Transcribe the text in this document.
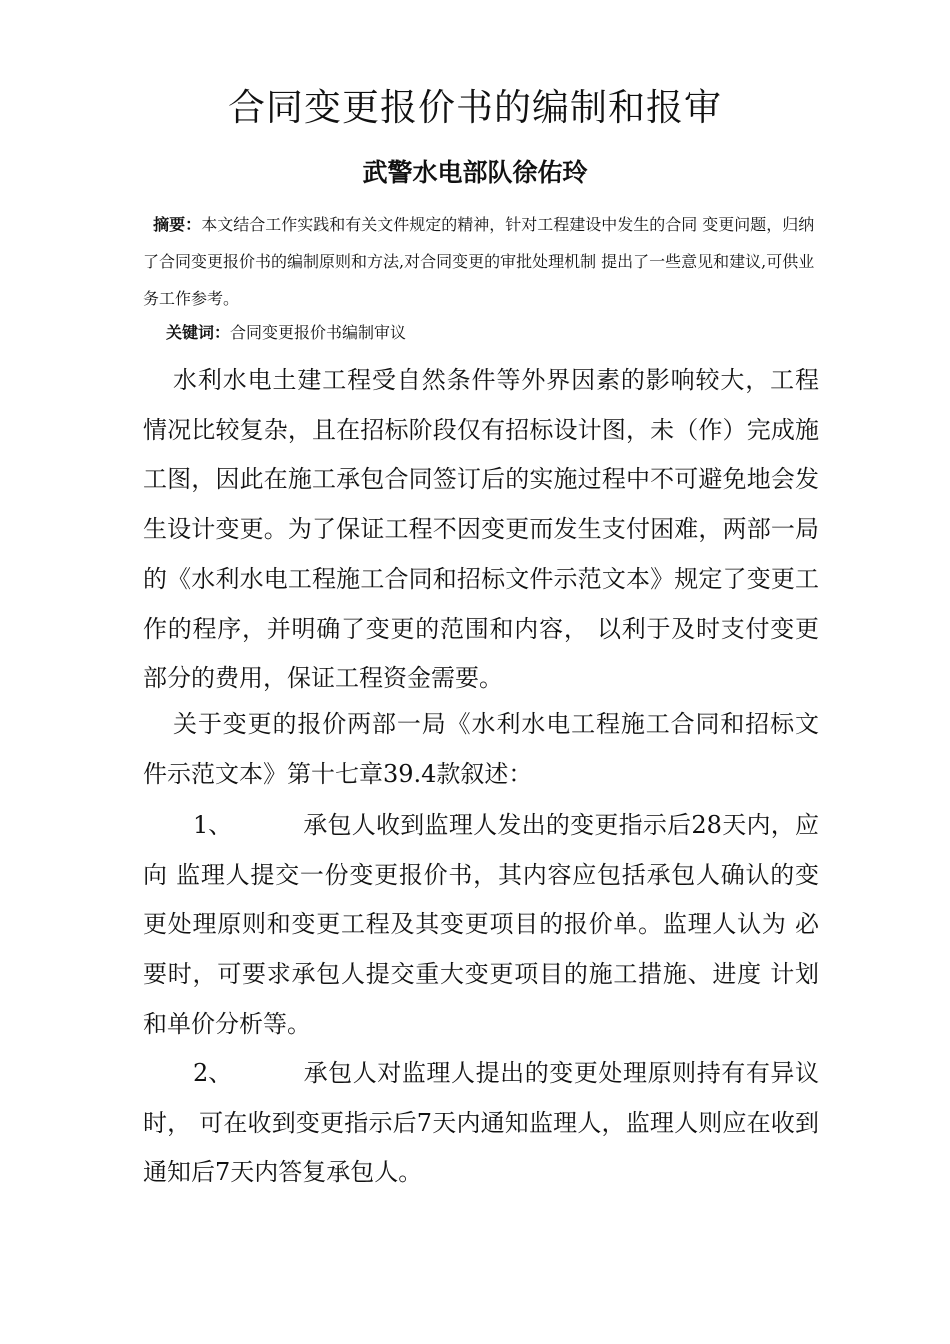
合同变更报价书的编制和报审
武警水电部队徐佑玲

摘要：本文结合工作实践和有关文件规定的精神，针对工程建设中发生的合同 变更问题，归纳了合同变更报价书的编制原则和方法,对合同变更的审批处理机制 提出了一些意见和建议,可供业务工作参考。

关键词：合同变更报价书编制审议

水利水电土建工程受自然条件等外界因素的影响较大，工程情况比较复杂，且在招标阶段仅有招标设计图，未（作）完成施工图，因此在施工承包合同签订后的实施过程中不可避免地会发生设计变更。为了保证工程不因变更而发生支付困难，两部一局的《水利水电工程施工合同和招标文件示范文本》规定了变更工作的程序，并明确了变更的范围和内容， 以利于及时支付变更部分的费用，保证工程资金需要。

关于变更的报价两部一局《水利水电工程施工合同和招标文件示范文本》第十七章39.4款叙述：

1、	承包人收到监理人发出的变更指示后28天内，应向 监理人提交一份变更报价书，其内容应包括承包人确认的变 更处理原则和变更工程及其变更项目的报价单。监理人认为 必要时，可要求承包人提交重大变更项目的施工措施、进度 计划和单价分析等。

2、	承包人对监理人提出的变更处理原则持有有异议时， 可在收到变更指示后7天内通知监理人，监理人则应在收到 通知后7天内答复承包人。
